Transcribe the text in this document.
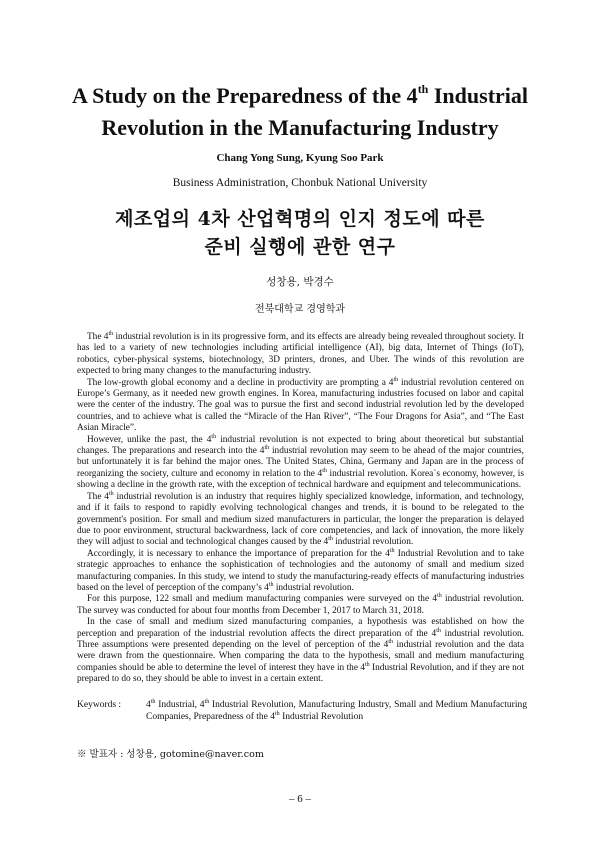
A Study on the Preparedness of the 4th Industrial
Revolution in the Manufacturing Industry

Chang Yong Sung, Kyung Soo Park

Business Administration, Chonbuk National University

제조업의 4차 산업혁명의 인지 정도에 따른
준비 실행에 관한 연구

성창용, 박경수

전북대학교 경영학과

The 4th industrial revolution is in its progressive form, and its effects are already being revealed throughout society. It has led to a variety of new technologies including artificial intelligence (AI), big data, Internet of Things (IoT), robotics, cyber-physical systems, biotechnology, 3D printers, drones, and Uber. The winds of this revolution are expected to bring many changes to the manufacturing industry.

The low-growth global economy and a decline in productivity are prompting a 4th industrial revolution centered on Europe’s Germany, as it needed new growth engines. In Korea, manufacturing industries focused on labor and capital were the center of the industry. The goal was to pursue the first and second industrial revolution led by the developed countries, and to achieve what is called the “Miracle of the Han River”, “The Four Dragons for Asia”, and “The East Asian Miracle”.

However, unlike the past, the 4th industrial revolution is not expected to bring about theoretical but substantial changes. The preparations and research into the 4th industrial revolution may seem to be ahead of the major countries, but unfortunately it is far behind the major ones. The United States, China, Germany and Japan are in the process of reorganizing the society, culture and economy in relation to the 4th industrial revolution. Korea`s economy, however, is showing a decline in the growth rate, with the exception of technical hardware and equipment and telecommunications.

The 4th industrial revolution is an industry that requires highly specialized knowledge, information, and technology, and if it fails to respond to rapidly evolving technological changes and trends, it is bound to be relegated to the government's position. For small and medium sized manufacturers in particular, the longer the preparation is delayed due to poor environment, structural backwardness, lack of core competencies, and lack of innovation, the more likely they will adjust to social and technological changes caused by the 4th industrial revolution.

Accordingly, it is necessary to enhance the importance of preparation for the 4th Industrial Revolution and to take strategic approaches to enhance the sophistication of technologies and the autonomy of small and medium sized manufacturing companies. In this study, we intend to study the manufacturing-ready effects of manufacturing industries based on the level of perception of the company’s 4th industrial revolution.

For this purpose, 122 small and medium manufacturing companies were surveyed on the 4th industrial revolution. The survey was conducted for about four months from December 1, 2017 to March 31, 2018.

In the case of small and medium sized manufacturing companies, a hypothesis was established on how the perception and preparation of the industrial revolution affects the direct preparation of the 4th industrial revolution. Three assumptions were presented depending on the level of perception of the 4th industrial revolution and the data were drawn from the questionnaire. When comparing the data to the hypothesis, small and medium manufacturing companies should be able to determine the level of interest they have in the 4th Industrial Revolution, and if they are not prepared to do so, they should be able to invest in a certain extent.

Keywords :	4th Industrial, 4th Industrial Revolution, Manufacturing Industry, Small and Medium Manufacturing Companies, Preparedness of the 4th Industrial Revolution

※ 발표자 : 성창용, gotomine@naver.com

– 6 –
